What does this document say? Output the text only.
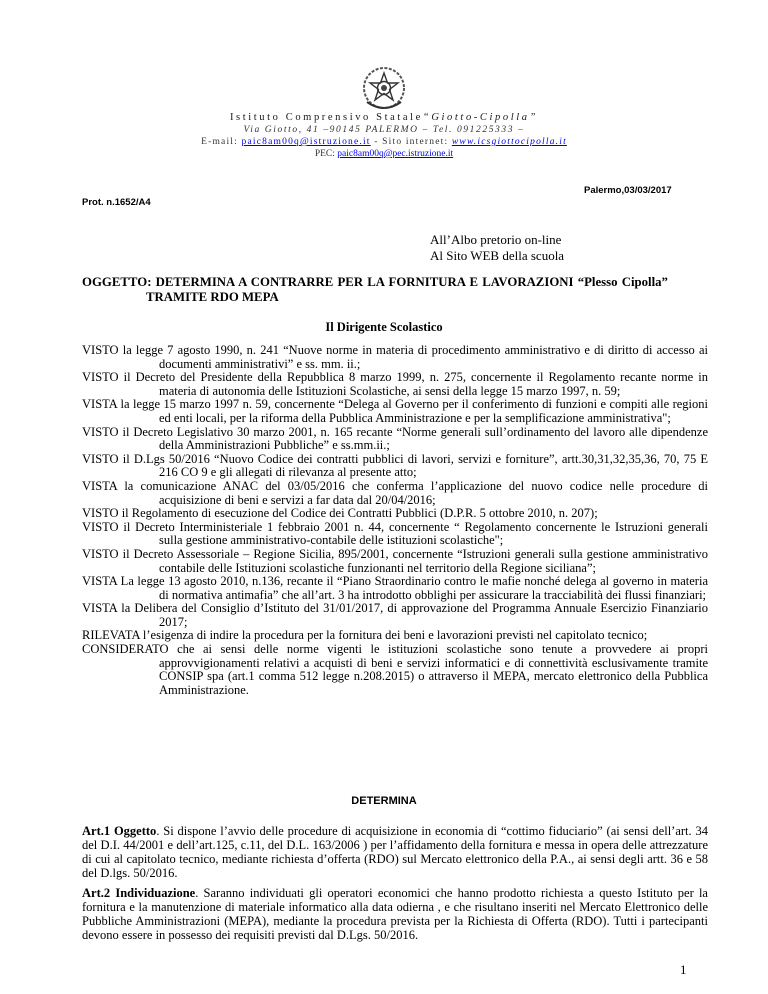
Istituto Comprensivo Statale“Giotto-Cipolla”
Via Giotto, 41 –90145 PALERMO – Tel. 091225333 –
E-mail: paic8am00q@istruzione.it - Sito internet: www.icsgiottocipolla.it
PEC: paic8am00q@pec.istruzione.it
Palermo,03/03/2017
Prot. n.1652/A4
All’Albo pretorio on-line
Al Sito WEB della scuola
OGGETTO: DETERMINA A CONTRARRE PER LA FORNITURA E LAVORAZIONI “Plesso Cipolla”
TRAMITE RDO MEPA
Il Dirigente Scolastico

VISTO la legge 7 agosto 1990, n. 241 “Nuove norme in materia di procedimento amministrativo e di diritto di accesso ai documenti amministrativi” e ss. mm. ii.;

VISTO il Decreto del Presidente della Repubblica 8 marzo 1999, n. 275, concernente il Regolamento recante norme in materia di autonomia delle Istituzioni Scolastiche, ai sensi della legge 15 marzo 1997, n. 59;

VISTA la legge 15 marzo 1997 n. 59, concernente “Delega al Governo per il conferimento di funzioni e compiti alle regioni ed enti locali, per la riforma della Pubblica Amministrazione e per la semplificazione amministrativa";

VISTO il Decreto Legislativo 30 marzo 2001, n. 165 recante “Norme generali sull’ordinamento del lavoro alle dipendenze della Amministrazioni Pubbliche” e ss.mm.ii.;

VISTO il D.Lgs 50/2016 “Nuovo Codice dei contratti pubblici di lavori, servizi e forniture”, artt.30,31,32,35,36, 70, 75 E 216 CO 9 e gli allegati di rilevanza al presente atto;

VISTA la comunicazione ANAC del 03/05/2016 che conferma l’applicazione del nuovo codice nelle procedure di acquisizione di beni e servizi a far data dal 20/04/2016;

VISTO il Regolamento di esecuzione del Codice dei Contratti Pubblici (D.P.R. 5 ottobre 2010, n. 207);

VISTO il Decreto Interministeriale 1 febbraio 2001 n. 44, concernente “ Regolamento concernente le Istruzioni generali sulla gestione amministrativo-contabile delle istituzioni scolastiche";

VISTO il Decreto Assessoriale – Regione Sicilia, 895/2001, concernente “Istruzioni generali sulla gestione amministrativo contabile delle Istituzioni scolastiche funzionanti nel territorio della Regione siciliana”;

VISTA La legge 13 agosto 2010, n.136, recante il “Piano Straordinario contro le mafie nonché delega al governo in materia di normativa antimafia” che all’art. 3 ha introdotto obblighi per assicurare la tracciabilità dei flussi finanziari;

VISTA la Delibera del Consiglio d’Istituto del 31/01/2017, di approvazione del Programma Annuale Esercizio Finanziario 2017;

RILEVATA l’esigenza di indire la procedura per la fornitura dei beni e lavorazioni previsti nel capitolato tecnico;

CONSIDERATO che ai sensi delle norme vigenti le istituzioni scolastiche sono tenute a provvedere ai propri approvvigionamenti relativi a acquisti di beni e servizi informatici e di connettività esclusivamente tramite CONSIP spa (art.1 comma 512 legge n.208.2015) o attraverso il MEPA, mercato elettronico della Pubblica Amministrazione.

DETERMINA

Art.1 Oggetto. Si dispone l’avvio delle procedure di acquisizione in economia di “cottimo fiduciario” (ai sensi dell’art. 34 del D.I. 44/2001 e dell’art.125, c.11, del D.L. 163/2006 ) per l’affidamento della fornitura e messa in opera delle attrezzature di cui al capitolato tecnico, mediante richiesta d’offerta (RDO) sul Mercato elettronico della P.A., ai sensi degli artt. 36 e 58 del D.lgs. 50/2016.

Art.2 Individuazione. Saranno individuati gli operatori economici che hanno prodotto richiesta a questo Istituto per la fornitura e la manutenzione di materiale informatico alla data odierna , e che risultano inseriti nel Mercato Elettronico delle Pubbliche Amministrazioni (MEPA), mediante la procedura prevista per la Richiesta di Offerta (RDO). Tutti i partecipanti devono essere in possesso dei requisiti previsti dal D.Lgs. 50/2016.

1
